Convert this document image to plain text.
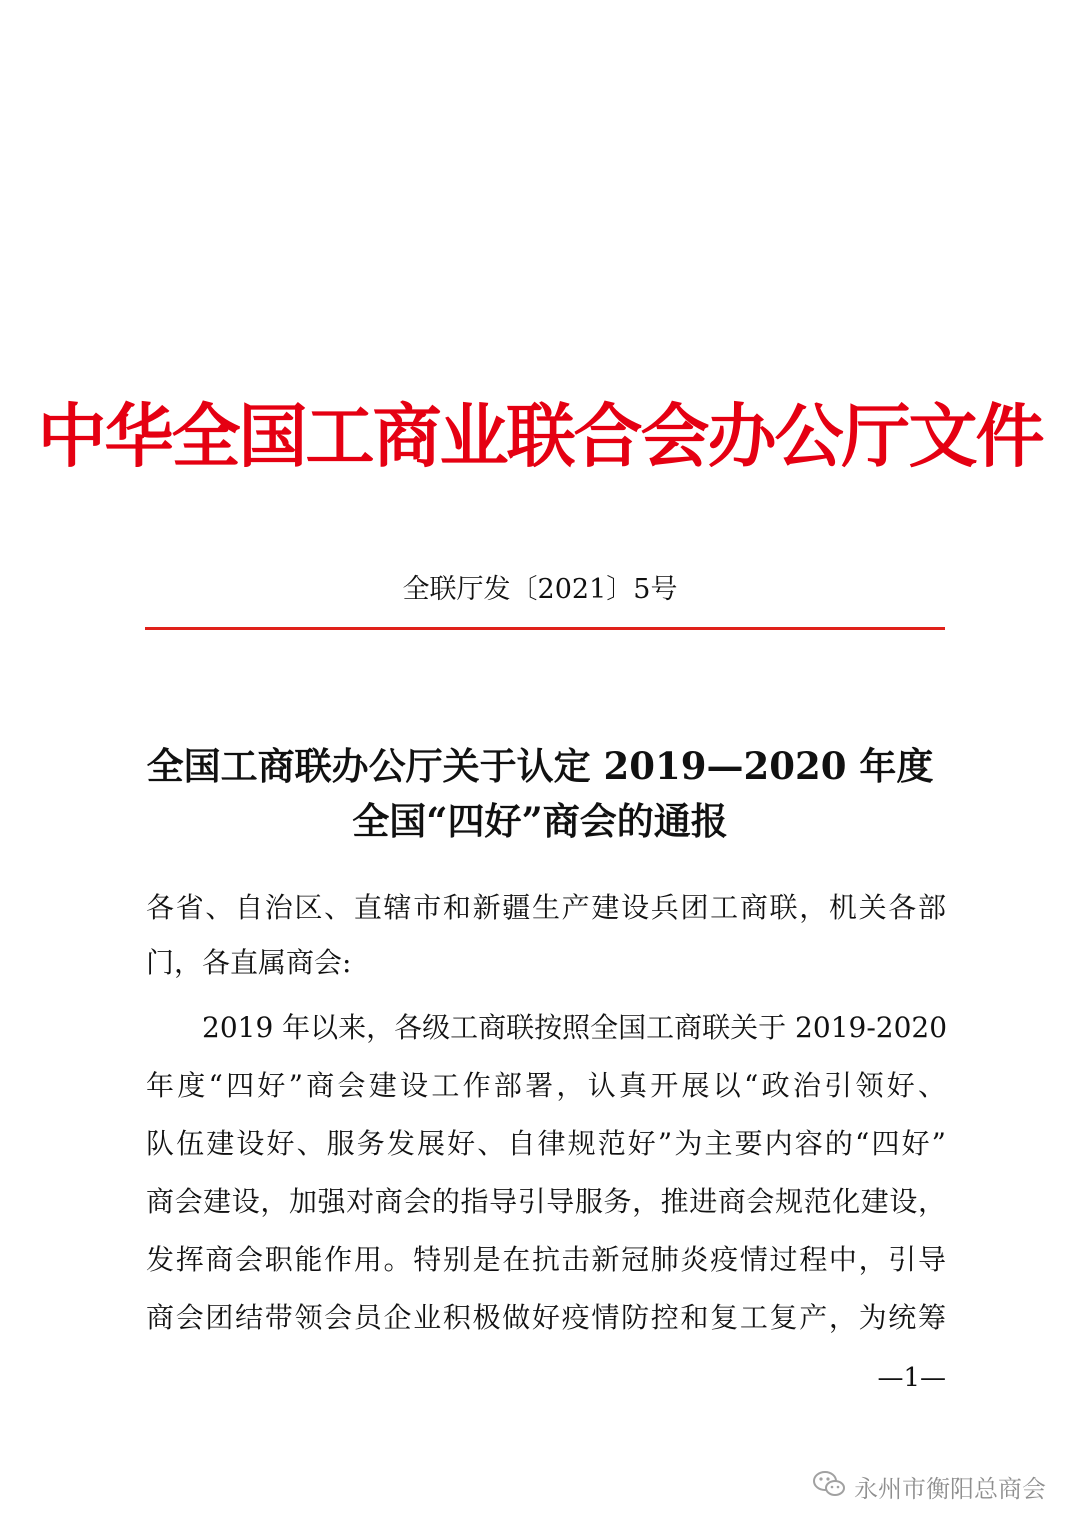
中华全国工商业联合会办公厅文件
全联厅发〔2021〕5号
全国工商联办公厅关于认定 2019—2020 年度
全国“四好”商会的通报
各省、自治区、直辖市和新疆生产建设兵团工商联，机关各部
门，各直属商会:
　　2019 年以来，各级工商联按照全国工商联关于 2019-2020
年度“四好”商会建设工作部署，认真开展以“政治引领好、
队伍建设好、服务发展好、自律规范好”为主要内容的“四好”
商会建设，加强对商会的指导引导服务，推进商会规范化建设，
发挥商会职能作用。特别是在抗击新冠肺炎疫情过程中，引导
商会团结带领会员企业积极做好疫情防控和复工复产，为统筹
—1—
永州市衡阳总商会
